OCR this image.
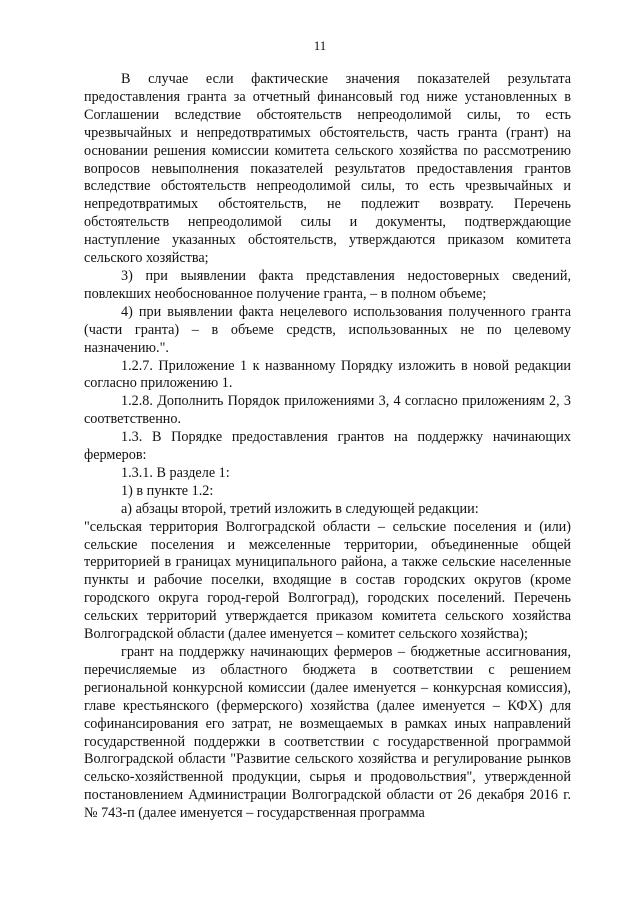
11

В случае если фактические значения показателей результата предоставления гранта за отчетный финансовый год ниже установленных в Соглашении вследствие обстоятельств непреодолимой силы, то есть чрезвычайных и непредотвратимых обстоятельств, часть гранта (грант) на основании решения комиссии комитета сельского хозяйства по рассмотрению вопросов невыполнения показателей результатов предоставления грантов вследствие обстоятельств непреодолимой силы, то есть чрезвычайных и непредотвратимых обстоятельств, не подлежит возврату. Перечень обстоятельств непреодолимой силы и документы, подтверждающие наступление указанных обстоятельств, утверждаются приказом комитета сельского хозяйства;

3) при выявлении факта представления недостоверных сведений, повлекших необоснованное получение гранта, – в полном объеме;

4) при выявлении факта нецелевого использования полученного гранта (части гранта) – в объеме средств, использованных не по целевому назначению.".

1.2.7. Приложение 1 к названному Порядку изложить в новой редакции согласно приложению 1.

1.2.8. Дополнить Порядок приложениями 3, 4 согласно приложениям 2, 3 соответственно.

1.3. В Порядке предоставления грантов на поддержку начинающих фермеров:

1.3.1. В разделе 1:

1) в пункте 1.2:

а) абзацы второй, третий изложить в следующей редакции:

"сельская территория Волгоградской области – сельские поселения и (или) сельские поселения и межселенные территории, объединенные общей территорией в границах муниципального района, а также сельские населенные пункты и рабочие поселки, входящие в состав городских округов (кроме городского округа город-герой Волгоград), городских поселений. Перечень сельских территорий утверждается приказом комитета сельского хозяйства Волгоградской области (далее именуется – комитет сельского хозяйства);

грант на поддержку начинающих фермеров – бюджетные ассигнования, перечисляемые из областного бюджета в соответствии с решением региональной конкурсной комиссии (далее именуется – конкурсная комиссия), главе крестьянского (фермерского) хозяйства (далее именуется – КФХ) для софинансирования его затрат, не возмещаемых в рамках иных направлений государственной поддержки в соответствии с государственной программой Волгоградской области "Развитие сельского хозяйства и регулирование рынков сельско-хозяйственной продукции, сырья и продовольствия", утвержденной постановлением Администрации Волгоградской области от 26 декабря 2016 г. № 743-п (далее именуется – государственная программа
